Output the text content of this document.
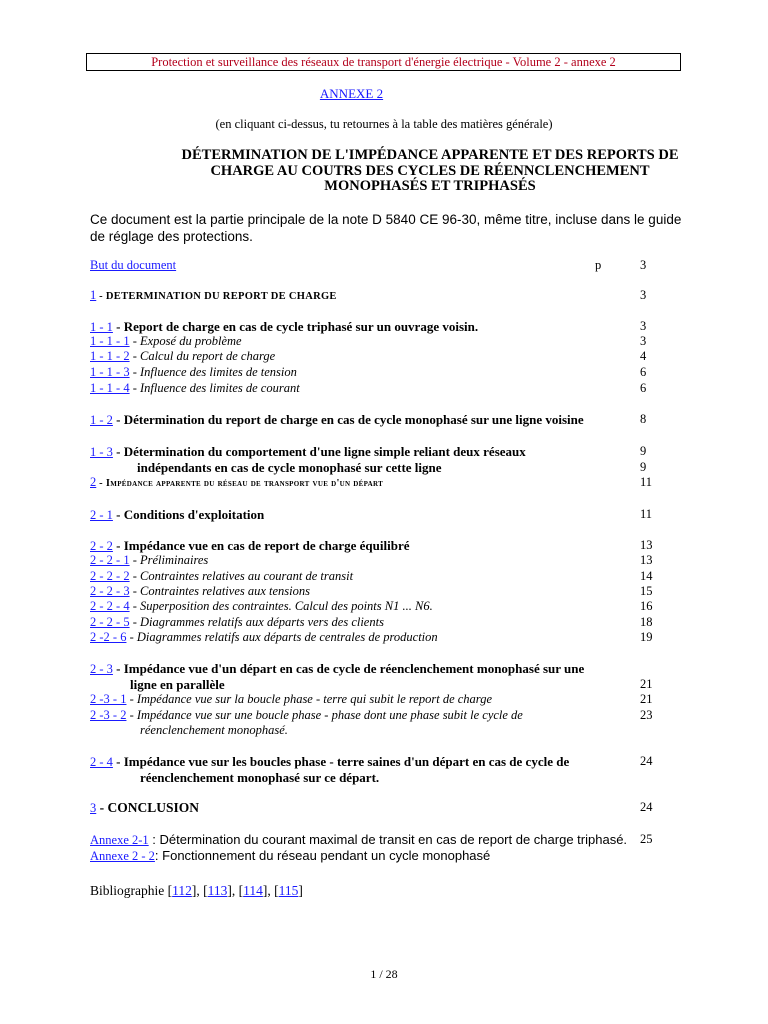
Protection et surveillance des réseaux de transport d'énergie électrique - Volume 2 - annexe 2
ANNEXE 2
(en cliquant ci-dessus, tu retournes à la table des matières générale)
DÉTERMINATION DE L'IMPÉDANCE APPARENTE ET DES REPORTS DE
CHARGE AU COUTRS DES CYCLES DE RÉENNCLENCHEMENT
MONOPHASÉS ET TRIPHASÉS
Ce document est la partie principale de la note D 5840 CE 96-30, même titre, incluse dans le guide de réglage des protections.
But du document	p	3
1 - DETERMINATION DU REPORT DE CHARGE	3
1 - 1 - Report de charge en cas de cycle triphasé sur un ouvrage voisin.	3
1 - 1 - 1 - Exposé du problème	3
1 - 1 - 2 - Calcul du report de charge	4
1 - 1 - 3 - Influence des limites de tension	6
1 - 1 - 4 - Influence des limites de courant	6
1 - 2 - Détermination du report de charge en cas de cycle monophasé sur une ligne voisine	8
1 - 3 - Détermination du comportement d'une ligne simple reliant deux réseaux	9
indépendants en cas de cycle monophasé sur cette ligne	9
2 - Impédance apparente du réseau de transport vue d'un départ	11
2 - 1 - Conditions d'exploitation	11
2 - 2 - Impédance vue en cas de report de charge équilibré	13
2 - 2 - 1 - Préliminaires	13
2 - 2 - 2 - Contraintes relatives au courant de transit	14
2 - 2 - 3 - Contraintes relatives aux tensions	15
2 - 2 - 4 - Superposition des contraintes. Calcul des points N1 ... N6.	16
2 - 2 - 5 - Diagrammes relatifs aux départs vers des clients	18
2 -2 - 6 - Diagrammes relatifs aux départs de centrales de production	19
2 - 3 - Impédance vue d'un départ en cas de cycle de réenclenchement monophasé sur une
ligne en parallèle	21
2 -3 - 1 - Impédance vue sur la boucle phase - terre qui subit le report de charge	21
2 -3 - 2 - Impédance vue sur une boucle phase - phase dont une phase subit le cycle de	23
réenclenchement monophasé.
2 - 4 - Impédance vue sur les boucles phase - terre saines d'un départ en cas de cycle de	24
réenclenchement monophasé sur ce départ.
3 - CONCLUSION	24
Annexe 2-1 : Détermination du courant maximal de transit en cas de report de charge triphasé. 25
Annexe 2 - 2: Fonctionnement du réseau pendant un cycle monophasé
Bibliographie [112], [113], [114], [115]
1 / 28
